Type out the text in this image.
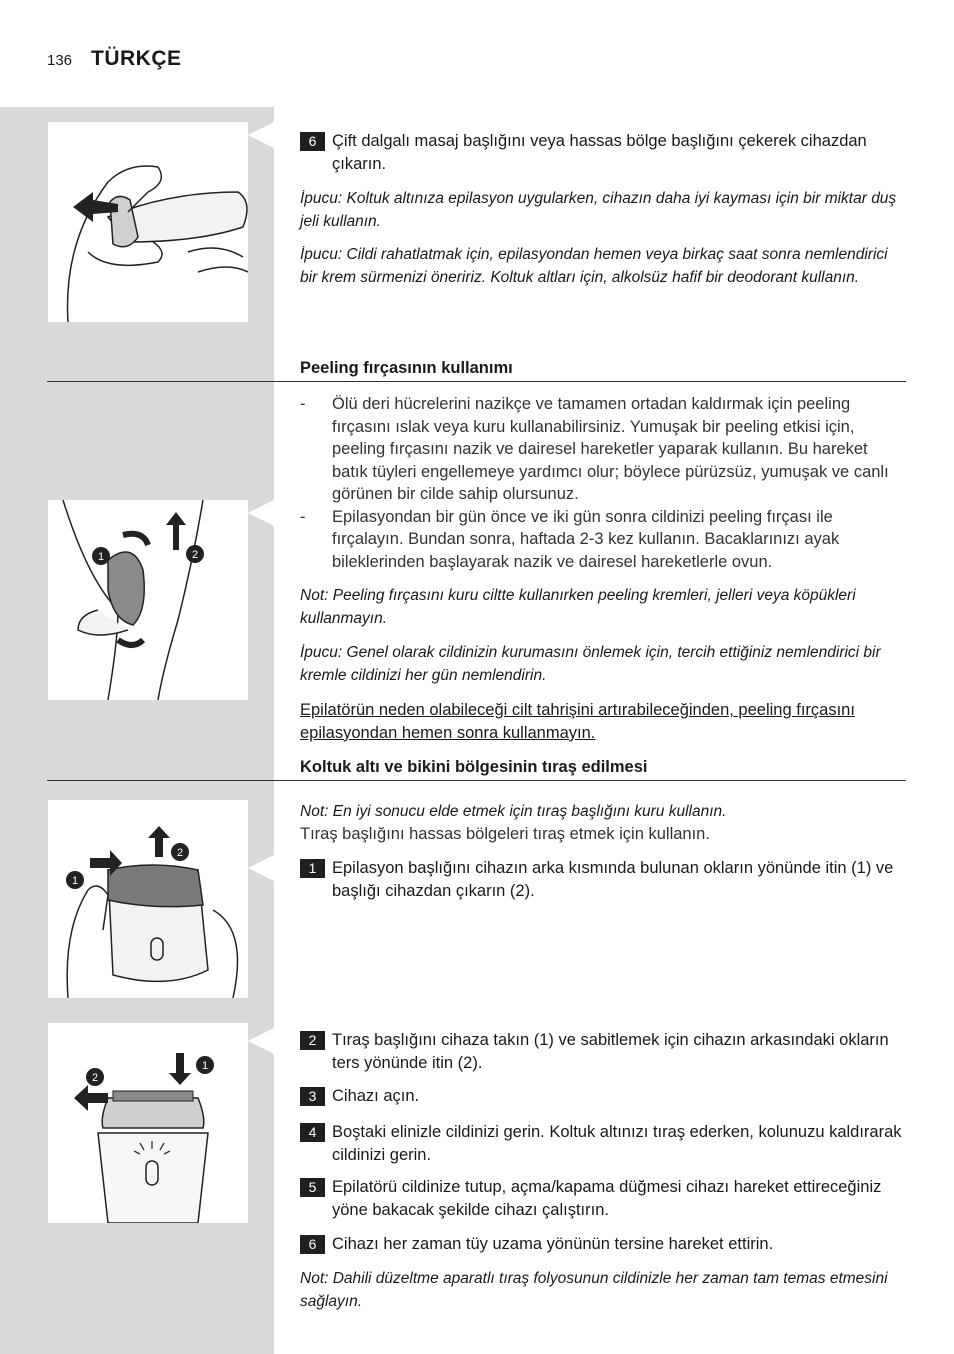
136 TÜRKÇE
6 Çift dalgalı masaj başlığını veya hassas bölge başlığını çekerek cihazdan çıkarın.
İpucu: Koltuk altınıza epilasyon uygularken, cihazın daha iyi kayması için bir miktar duş jeli kullanın.
İpucu: Cildi rahatlatmak için, epilasyondan hemen veya birkaç saat sonra nemlendirici bir krem sürmenizi öneririz. Koltuk altları için, alkolsüz hafif bir deodorant kullanın.
Peeling fırçasının kullanımı
1	2
- Ölü deri hücrelerini nazikçe ve tamamen ortadan kaldırmak için peeling fırçasını ıslak veya kuru kullanabilirsiniz. Yumuşak bir peeling etkisi için, peeling fırçasını nazik ve dairesel hareketler yaparak kullanın. Bu hareket batık tüyleri engellemeye yardımcı olur; böylece pürüzsüz, yumuşak ve canlı görünen bir cilde sahip olursunuz.
- Epilasyondan bir gün önce ve iki gün sonra cildinizi peeling fırçası ile fırçalayın. Bundan sonra, haftada 2-3 kez kullanın. Bacaklarınızı ayak bileklerinden başlayarak nazik ve dairesel hareketlerle ovun.
Not: Peeling fırçasını kuru ciltte kullanırken peeling kremleri, jelleri veya köpükleri kullanmayın.
İpucu: Genel olarak cildinizin kurumasını önlemek için, tercih ettiğiniz nemlendirici bir kremle cildinizi her gün nemlendirin.
Epilatörün neden olabileceği cilt tahrişini artırabileceğinden, peeling fırçasını epilasyondan hemen sonra kullanmayın.
Koltuk altı ve bikini bölgesinin tıraş edilmesi
1
2
Not: En iyi sonucu elde etmek için tıraş başlığını kuru kullanın.
Tıraş başlığını hassas bölgeleri tıraş etmek için kullanın.
1 Epilasyon başlığını cihazın arka kısmında bulunan okların yönünde itin (1) ve başlığı cihazdan çıkarın (2).
1
2
2 Tıraş başlığını cihaza takın (1) ve sabitlemek için cihazın arkasındaki okların ters yönünde itin (2).
3 Cihazı açın.
4 Boştaki elinizle cildinizi gerin. Koltuk altınızı tıraş ederken, kolunuzu kaldırarak cildinizi gerin.
5 Epilatörü cildinize tutup, açma/kapama düğmesi cihazı hareket ettireceğiniz yöne bakacak şekilde cihazı çalıştırın.
6 Cihazı her zaman tüy uzama yönünün tersine hareket ettirin.
Not: Dahili düzeltme aparatlı tıraş folyosunun cildinizle her zaman tam temas etmesini sağlayın.
